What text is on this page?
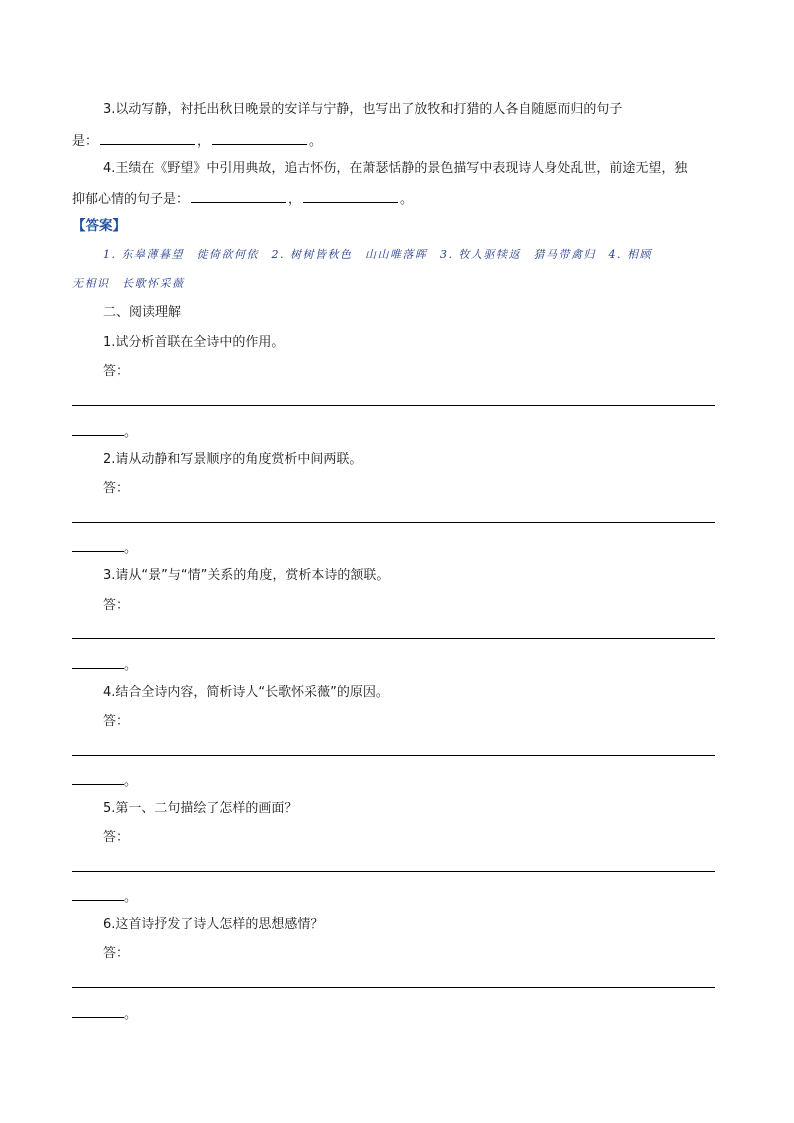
3.以动写静，衬托出秋日晚景的安详与宁静，也写出了放牧和打猎的人各自随愿而归的句子
是：	，	。
4.王绩在《野望》中引用典故，追古怀伤，在萧瑟恬静的景色描写中表现诗人身处乱世，前途无望，独
抑郁心情的句子是：	，	。
【答案】
1. 东皋薄暮望　徙倚欲何依　2. 树树皆秋色　山山唯落晖　3. 牧人驱犊返　猎马带禽归　4. 相顾
无相识　长歌怀采薇
二、阅读理解
1.试分析首联在全诗中的作用。
答：
。
2.请从动静和写景顺序的角度赏析中间两联。
答：
。
3.请从“景”与“情”关系的角度，赏析本诗的颔联。
答：
。
4.结合全诗内容，简析诗人“长歌怀采薇”的原因。
答：
。
5.第一、二句描绘了怎样的画面？
答：
。
6.这首诗抒发了诗人怎样的思想感情？
答：
。
